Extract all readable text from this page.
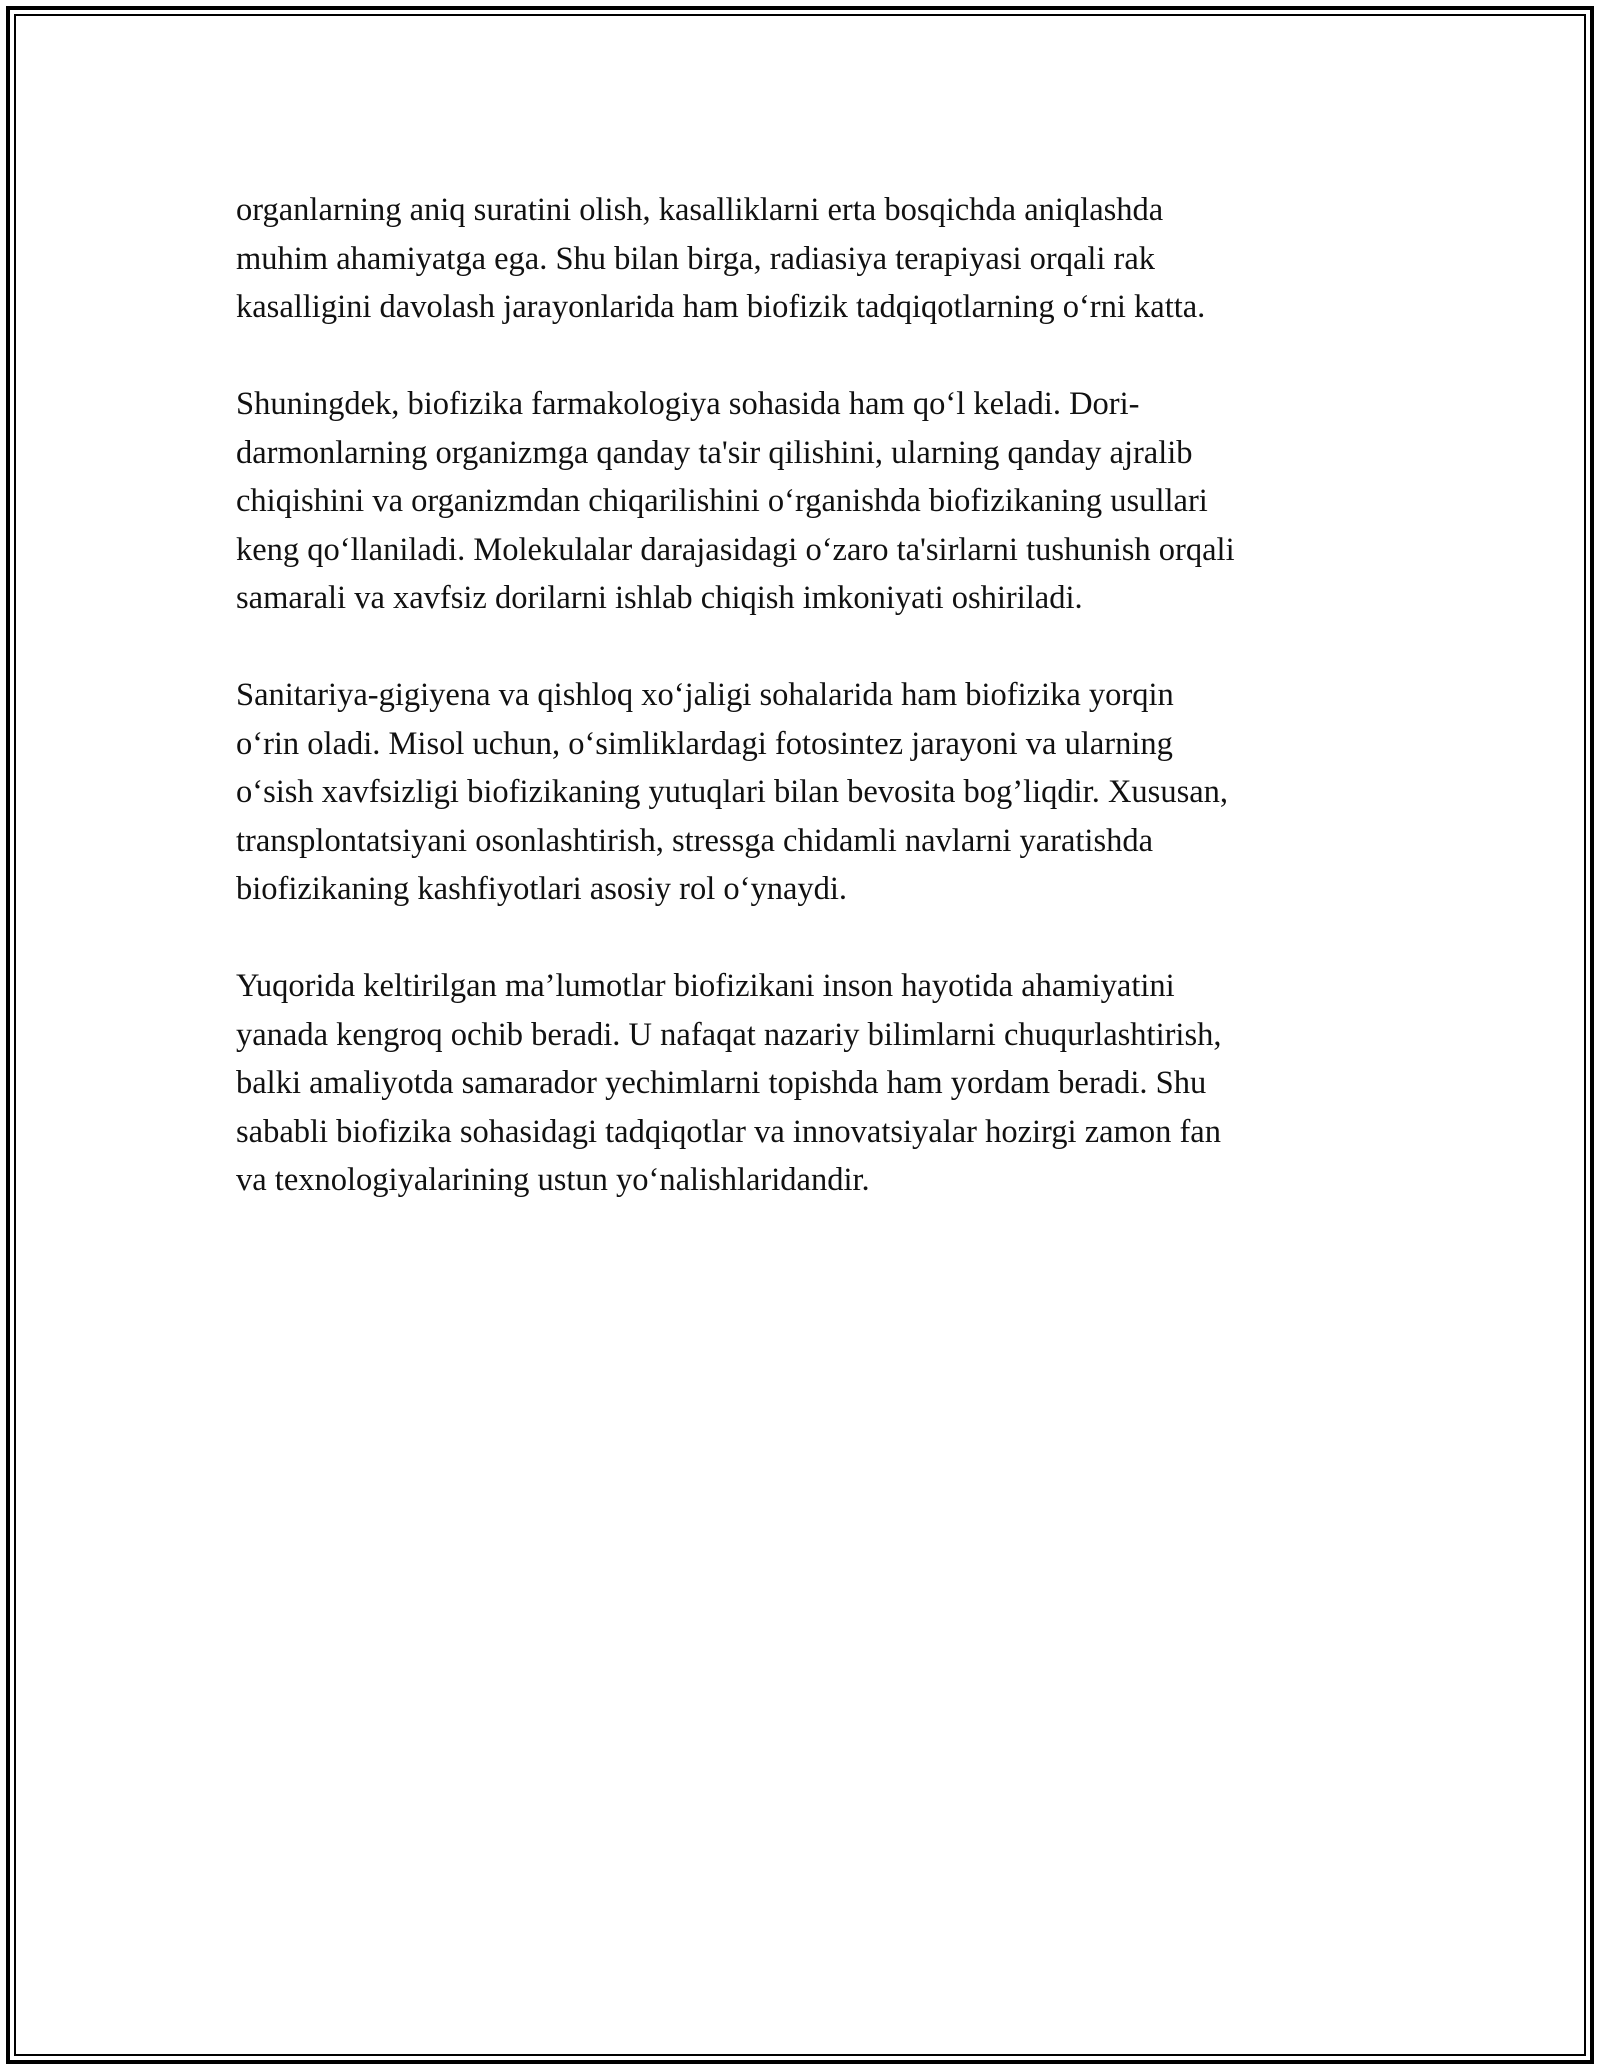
organlarning aniq suratini olish, kasalliklarni erta bosqichda aniqlashda
muhim ahamiyatga ega. Shu bilan birga, radiasiya terapiyasi orqali rak
kasalligini davolash jarayonlarida ham biofizik tadqiqotlarning o‘rni katta.

Shuningdek, biofizika farmakologiya sohasida ham qo‘l keladi. Dori-
darmonlarning organizmga qanday ta'sir qilishini, ularning qanday ajralib
chiqishini va organizmdan chiqarilishini o‘rganishda biofizikaning usullari
keng qo‘llaniladi. Molekulalar darajasidagi o‘zaro ta'sirlarni tushunish orqali
samarali va xavfsiz dorilarni ishlab chiqish imkoniyati oshiriladi.

Sanitariya-gigiyena va qishloq xo‘jaligi sohalarida ham biofizika yorqin
o‘rin oladi. Misol uchun, o‘simliklardagi fotosintez jarayoni va ularning
o‘sish xavfsizligi biofizikaning yutuqlari bilan bevosita bog’liqdir. Xususan,
transplontatsiyani osonlashtirish, stressga chidamli navlarni yaratishda
biofizikaning kashfiyotlari asosiy rol o‘ynaydi.

Yuqorida keltirilgan ma’lumotlar biofizikani inson hayotida ahamiyatini
yanada kengroq ochib beradi. U nafaqat nazariy bilimlarni chuqurlashtirish,
balki amaliyotda samarador yechimlarni topishda ham yordam beradi. Shu
sababli biofizika sohasidagi tadqiqotlar va innovatsiyalar hozirgi zamon fan
va texnologiyalarining ustun yo‘nalishlaridandir.
